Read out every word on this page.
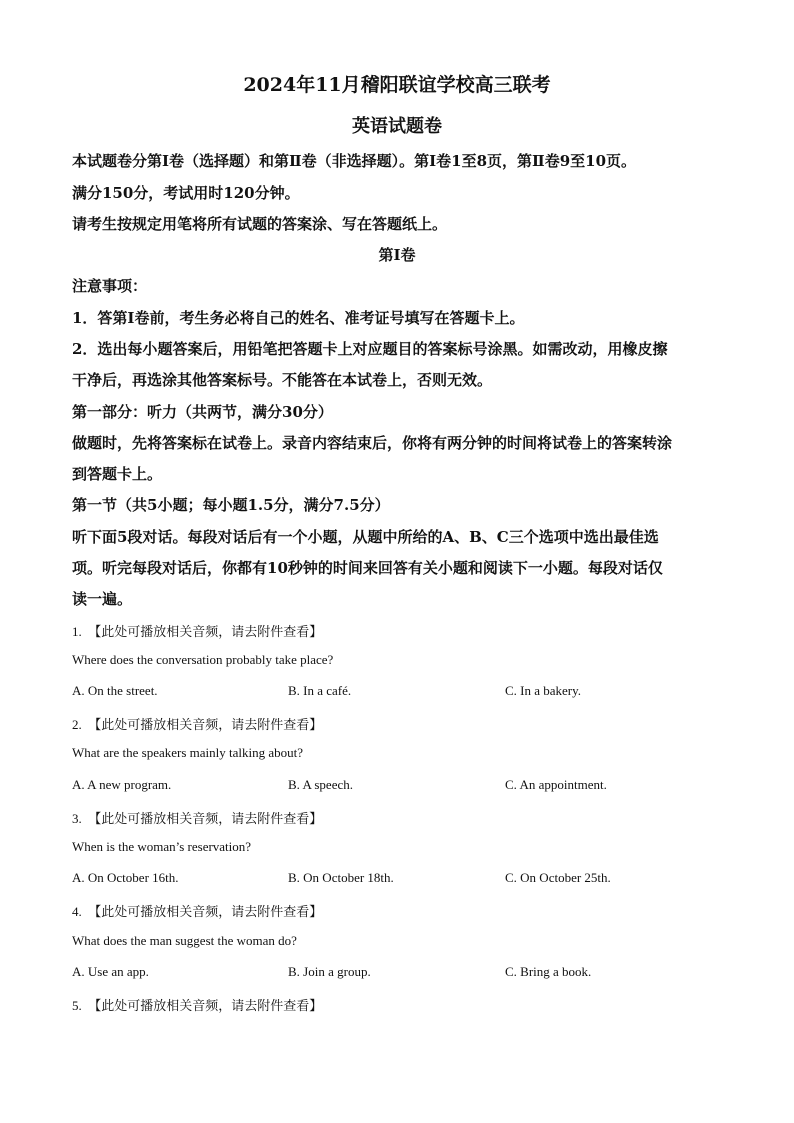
2024年11月稽阳联谊学校高三联考

英语试题卷

本试题卷分第Ⅰ卷（选择题）和第Ⅱ卷（非选择题）。第Ⅰ卷1至8页，第Ⅱ卷9至10页。

满分150分，考试用时120分钟。

请考生按规定用笔将所有试题的答案涂、写在答题纸上。

第Ⅰ卷

注意事项：

1．答第Ⅰ卷前，考生务必将自己的姓名、准考证号填写在答题卡上。

2．选出每小题答案后，用铅笔把答题卡上对应题目的答案标号涂黑。如需改动，用橡皮擦

干净后，再选涂其他答案标号。不能答在本试卷上，否则无效。

第一部分：听力（共两节，满分30分）

做题时，先将答案标在试卷上。录音内容结束后，你将有两分钟的时间将试卷上的答案转涂

到答题卡上。

第一节（共5小题；每小题1.5分，满分7.5分）

听下面5段对话。每段对话后有一个小题，从题中所给的A、B、C三个选项中选出最佳选

项。听完每段对话后，你都有10秒钟的时间来回答有关小题和阅读下一小题。每段对话仅

读一遍。

1. 【此处可播放相关音频，请去附件查看】

Where does the conversation probably take place?

A. On the street.	B. In a café.	C. In a bakery.

2. 【此处可播放相关音频，请去附件查看】

What are the speakers mainly talking about?

A. A new program.	B. A speech.	C. An appointment.

3. 【此处可播放相关音频，请去附件查看】

When is the woman’s reservation?

A. On October 16th.	B. On October 18th.	C. On October 25th.

4. 【此处可播放相关音频，请去附件查看】

What does the man suggest the woman do?

A. Use an app.	B. Join a group.	C. Bring a book.

5. 【此处可播放相关音频，请去附件查看】
